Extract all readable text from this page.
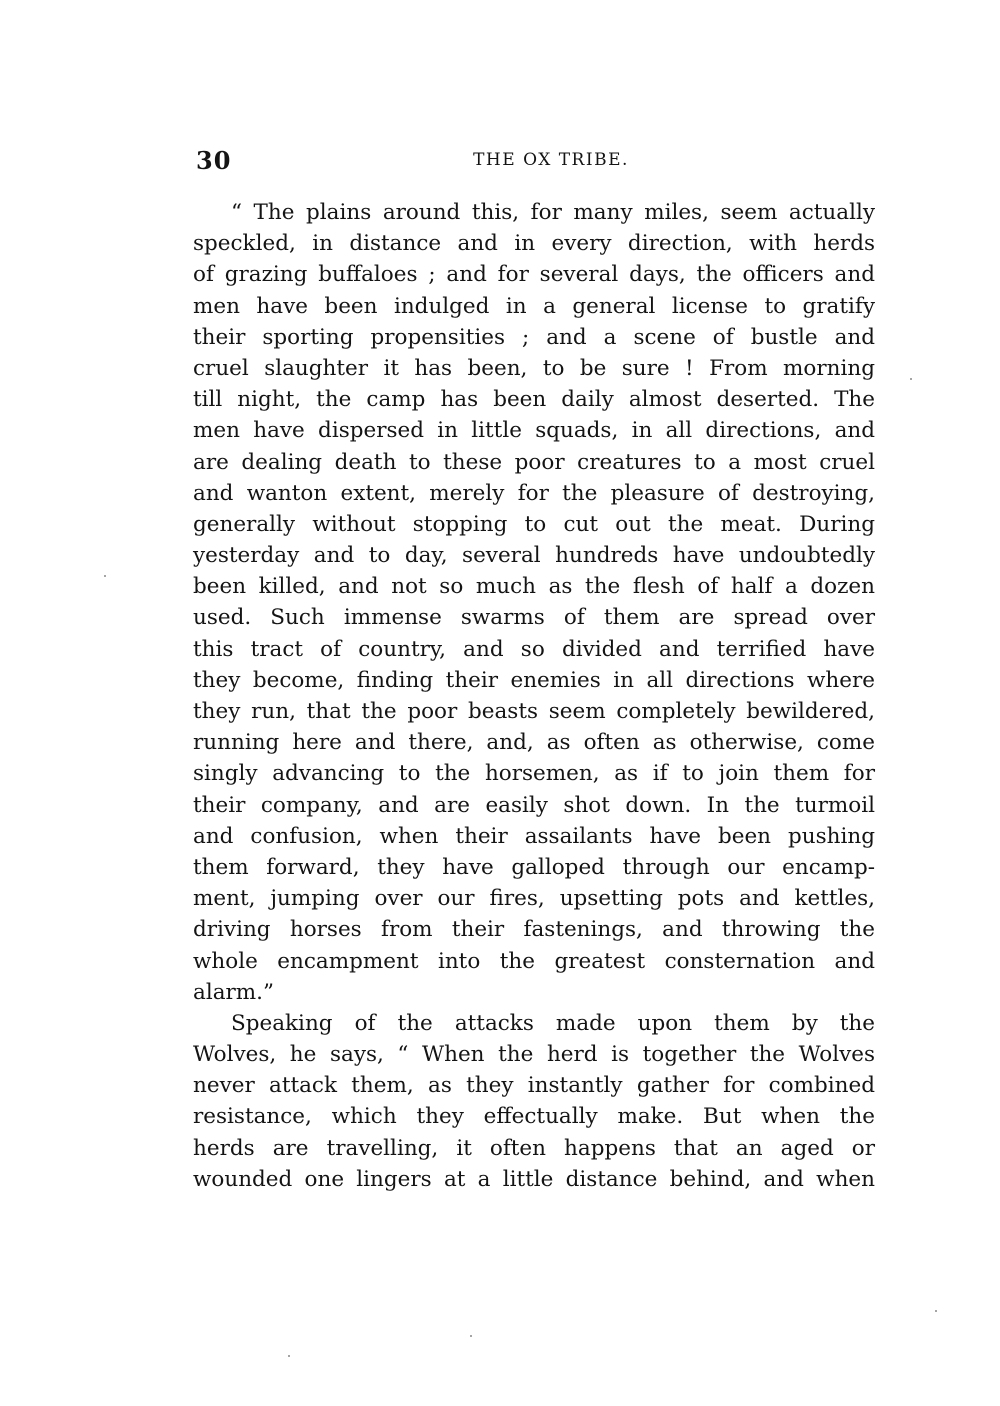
30	THE OX TRIBE.
“ The plains around this, for many miles, seem actually
speckled, in distance and in every direction, with herds
of grazing buffaloes ; and for several days, the officers and
men have been indulged in a general license to gratify
their sporting propensities ; and a scene of bustle and
cruel slaughter it has been, to be sure ! From morning
till night, the camp has been daily almost deserted. The
men have dispersed in little squads, in all directions, and
are dealing death to these poor creatures to a most cruel
and wanton extent, merely for the pleasure of destroying,
generally without stopping to cut out the meat. During
yesterday and to day, several hundreds have undoubtedly
been killed, and not so much as the flesh of half a dozen
used. Such immense swarms of them are spread over
this tract of country, and so divided and terrified have
they become, finding their enemies in all directions where
they run, that the poor beasts seem completely bewildered,
running here and there, and, as often as otherwise, come
singly advancing to the horsemen, as if to join them for
their company, and are easily shot down. In the turmoil
and confusion, when their assailants have been pushing
them forward, they have galloped through our encamp-
ment, jumping over our fires, upsetting pots and kettles,
driving horses from their fastenings, and throwing the
whole encampment into the greatest consternation and
alarm.”
Speaking of the attacks made upon them by the
Wolves, he says, “ When the herd is together the Wolves
never attack them, as they instantly gather for combined
resistance, which they effectually make. But when the
herds are travelling, it often happens that an aged or
wounded one lingers at a little distance behind, and when
